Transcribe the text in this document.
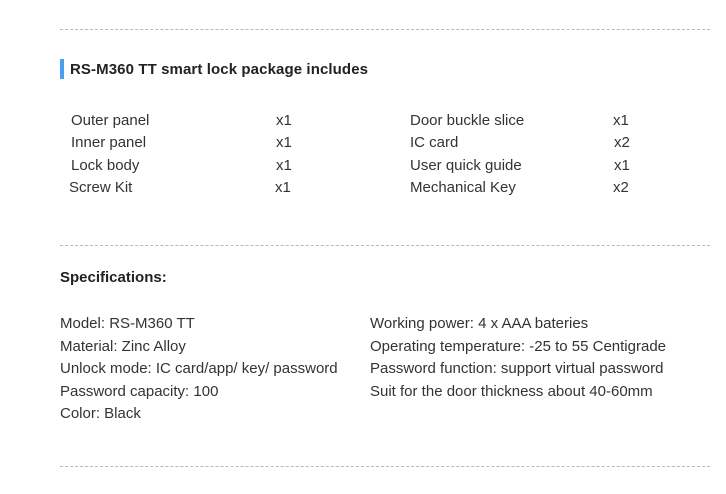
RS-M360 TT smart lock package includes
Outer panel	x1
Inner panel	x1
Lock body	x1
Screw Kit	x1
Door buckle slice	x1
IC card	x2
User quick guide	x1
Mechanical Key	x2
Specifications:
Model: RS-M360 TT
Material: Zinc Alloy
Unlock mode: IC card/app/ key/ password
Password capacity: 100
Color: Black
Working power: 4 x AAA bateries
Operating temperature: -25 to 55 Centigrade
Password function: support virtual password
Suit for the door thickness about 40-60mm
